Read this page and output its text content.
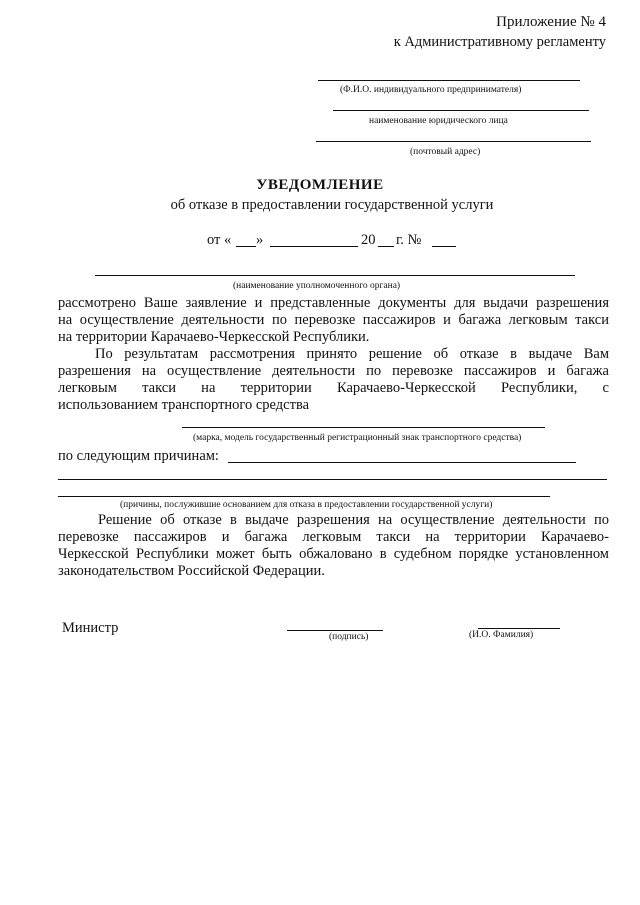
Приложение № 4
к Административному регламенту
(Ф.И.О. индивидуального предпринимателя)
наименование юридического лица
(почтовый адрес)
УВЕДОМЛЕНИЕ
об отказе в предоставлении государственной услуги
от « »	20 г. №
(наименование уполномоченного органа)
рассмотрено Ваше заявление и представленные документы для выдачи разрешения
на осуществление деятельности по перевозке пассажиров и багажа легковым такси
на территории Карачаево-Черкесской Республики.
По результатам рассмотрения принято решение об отказе в выдаче Вам
разрешения на осуществление деятельности по перевозке пассажиров и багажа
легковым такси на территории Карачаево-Черкесской Республики, с
использованием транспортного средства
(марка, модель государственный регистрационный знак транспортного средства)
по следующим причинам:
(причины, послужившие основанием для отказа в предоставлении государственной услуги)
Решение об отказе в выдаче разрешения на осуществление деятельности по
перевозке пассажиров и багажа легковым такси на территории Карачаево-
Черкесской Республики может быть обжаловано в судебном порядке установленном
законодательством Российской Федерации.
Министр
(подпись)	(И.О. Фамилия)
